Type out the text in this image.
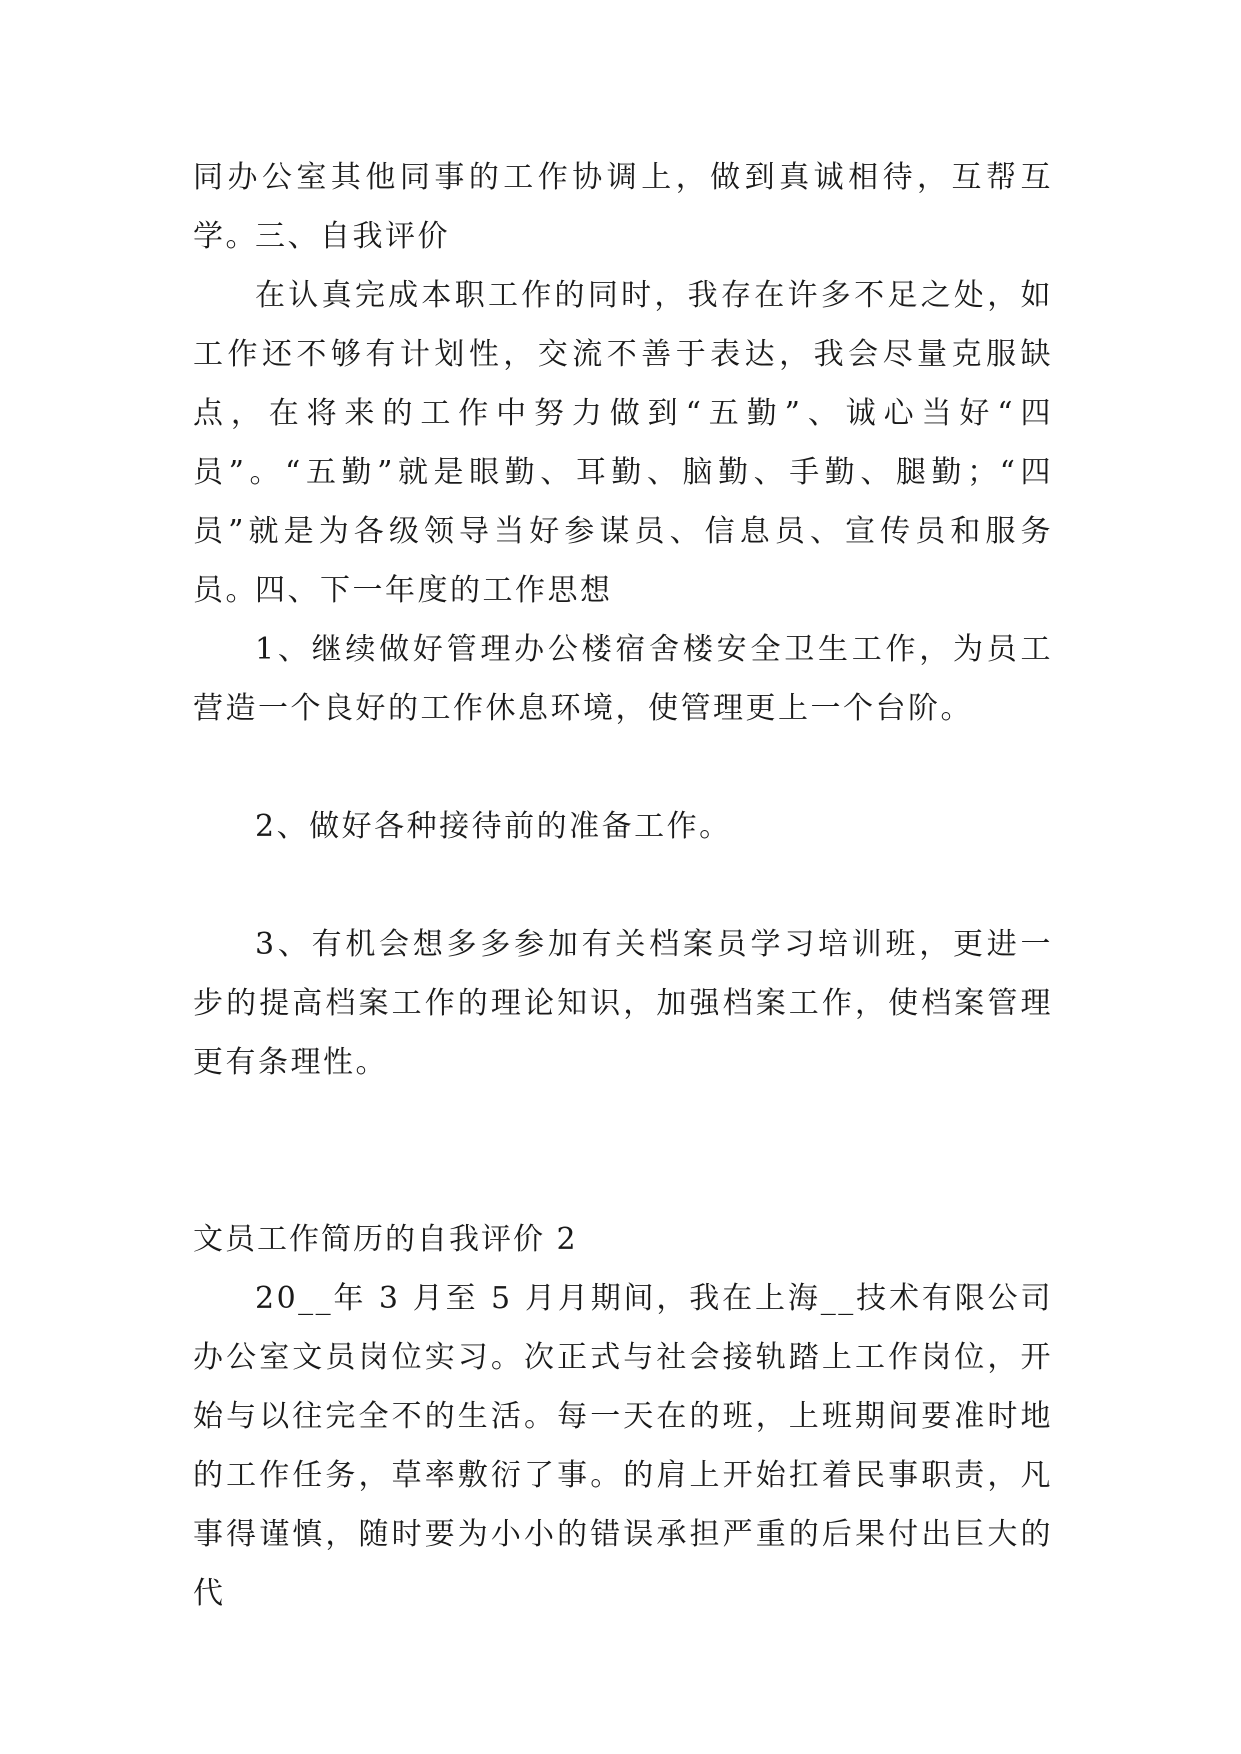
同办公室其他同事的工作协调上，做到真诚相待，互帮互学。
三、自我评价
在认真完成本职工作的同时，我存在许多不足之处，如工作还不够有计划性，交流不善于表达，我会尽量克服缺点，在将来的工作中努力做到“五勤”、诚心当好“四员”。“五勤”就是眼勤、耳勤、脑勤、手勤、腿勤；“四员”就是为各级领导当好参谋员、信息员、宣传员和服务员。
四、下一年度的工作思想
1、继续做好管理办公楼宿舍楼安全卫生工作，为员工营造一个良好的工作休息环境，使管理更上一个台阶。
2、做好各种接待前的准备工作。
3、有机会想多多参加有关档案员学习培训班，更进一步的提高档案工作的理论知识，加强档案工作，使档案管理更有条理性。
文员工作简历的自我评价 2
20__年 3 月至 5 月月期间，我在上海__技术有限公司办公室文员岗位实习。次正式与社会接轨踏上工作岗位，开始与以往完全不的生活。每一天在的班，上班期间要准时地的工作任务，草率敷衍了事。的肩上开始扛着民事职责，凡事得谨慎，随时要为小小的错误承担严重的后果付出巨大的代
